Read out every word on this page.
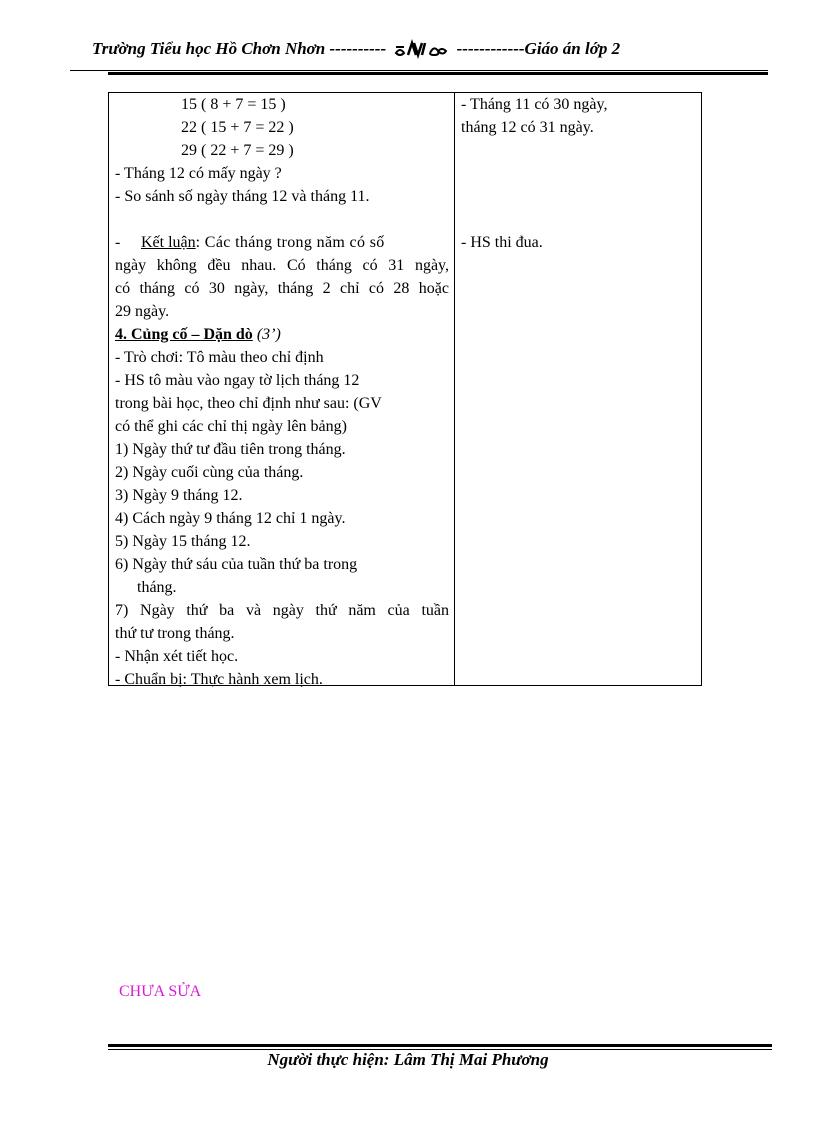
Trường Tiểu học Hồ Chơn Nhơn ----------	------------Giáo án lớp 2
15 ( 8 + 7 = 15 )
22 ( 15 + 7 = 22 )
29 ( 22 + 7 = 29 )
- Tháng 12 có mấy ngày ?
- So sánh số ngày tháng 12 và tháng 11.
- Kết luận: Các tháng trong năm có số
ngày không đều nhau. Có tháng có 31 ngày,
có tháng có 30 ngày, tháng 2 chỉ có 28 hoặc
29 ngày.
4. Củng cố – Dặn dò (3’)
- Trò chơi: Tô màu theo chỉ định
- HS tô màu vào ngay tờ lịch tháng 12
trong bài học, theo chỉ định như sau: (GV
có thể ghi các chỉ thị ngày lên bảng)
1) Ngày thứ tư đầu tiên trong tháng.
2) Ngày cuối cùng của tháng.
3) Ngày 9 tháng 12.
4) Cách ngày 9 tháng 12 chỉ 1 ngày.
5) Ngày 15 tháng 12.
6) Ngày thứ sáu của tuần thứ ba trong
tháng.
7) Ngày thứ ba và ngày thứ năm của tuần
thứ tư trong tháng.
- Nhận xét tiết học.
- Chuẩn bị: Thực hành xem lịch.
- Tháng 11 có 30 ngày,
tháng 12 có 31 ngày.
- HS thi đua.
CHƯA SỬA
Người thực hiện: Lâm Thị Mai Phương
